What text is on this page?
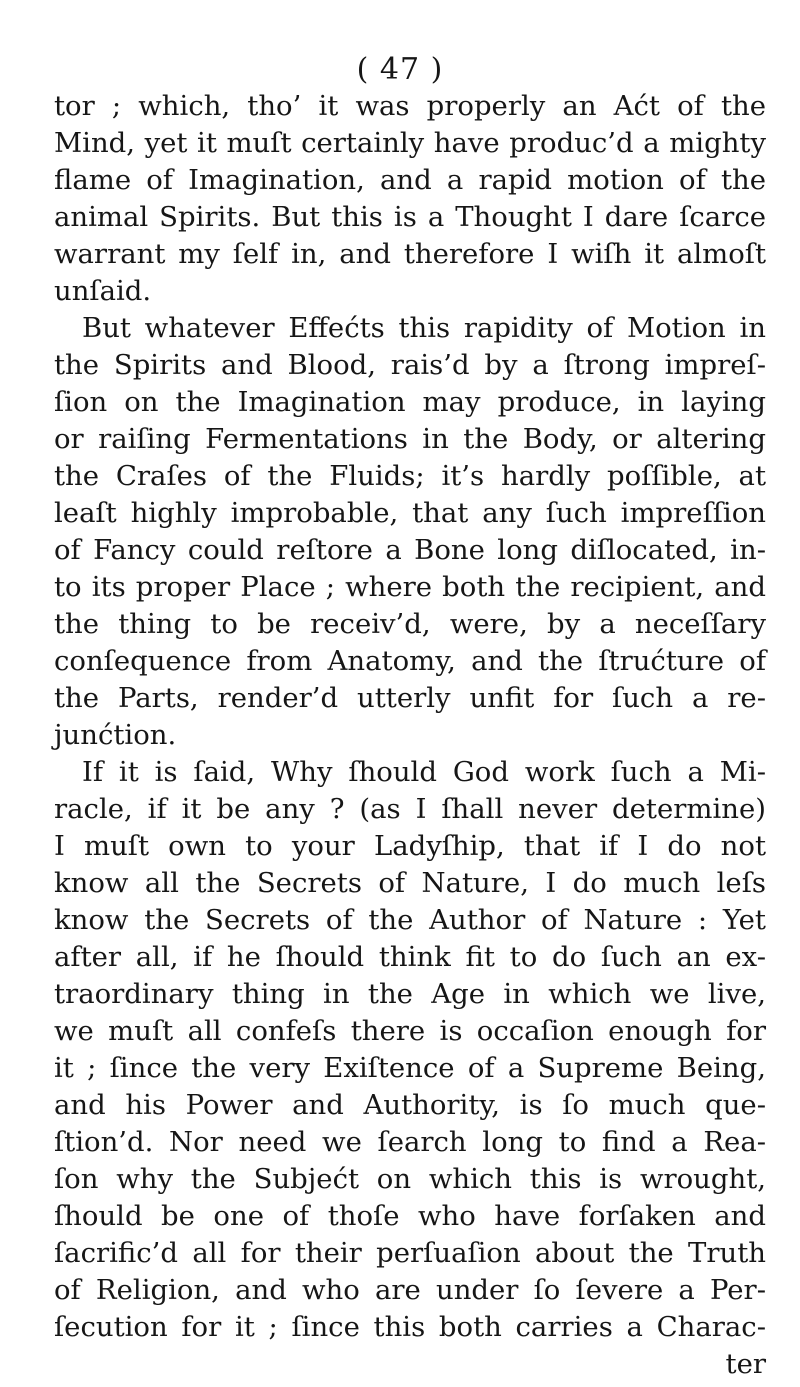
( 47 )
tor ; which, tho’ it was properly an Aćt of the
Mind, yet it muſt certainly have produc’d a mighty
flame of Imagination, and a rapid motion of the
animal Spirits. But this is a Thought I dare ſcarce
warrant my ſelf in, and therefore I wiſh it almoſt
unſaid.
But whatever Effećts this rapidity of Motion in
the Spirits and Blood, rais’d by a ſtrong impreſ-
ſion on the Imagination may produce, in laying
or raiſing Fermentations in the Body, or altering
the Craſes of the Fluids; it’s hardly poſſible, at
leaſt highly improbable, that any ſuch impreſſion
of Fancy could reſtore a Bone long diſlocated, in-
to its proper Place ; where both the recipient, and
the thing to be receiv’d, were, by a neceſſary
conſequence from Anatomy, and the ſtrućture of
the Parts, render’d utterly unfit for ſuch a re-
junćtion.
If it is ſaid, Why ſhould God work ſuch a Mi-
racle, if it be any ? (as I ſhall never determine)
I muſt own to your Ladyſhip, that if I do not
know all the Secrets of Nature, I do much leſs
know the Secrets of the Author of Nature : Yet
after all, if he ſhould think fit to do ſuch an ex-
traordinary thing in the Age in which we live,
we muſt all confeſs there is occaſion enough for
it ; ſince the very Exiſtence of a Supreme Being,
and his Power and Authority, is ſo much que-
ſtion’d. Nor need we ſearch long to find a Rea-
ſon why the Subjećt on which this is wrought,
ſhould be one of thoſe who have forſaken and
ſacrific’d all for their perſuaſion about the Truth
of Religion, and who are under ſo ſevere a Per-
ſecution for it ; ſince this both carries a Charac-
ter
